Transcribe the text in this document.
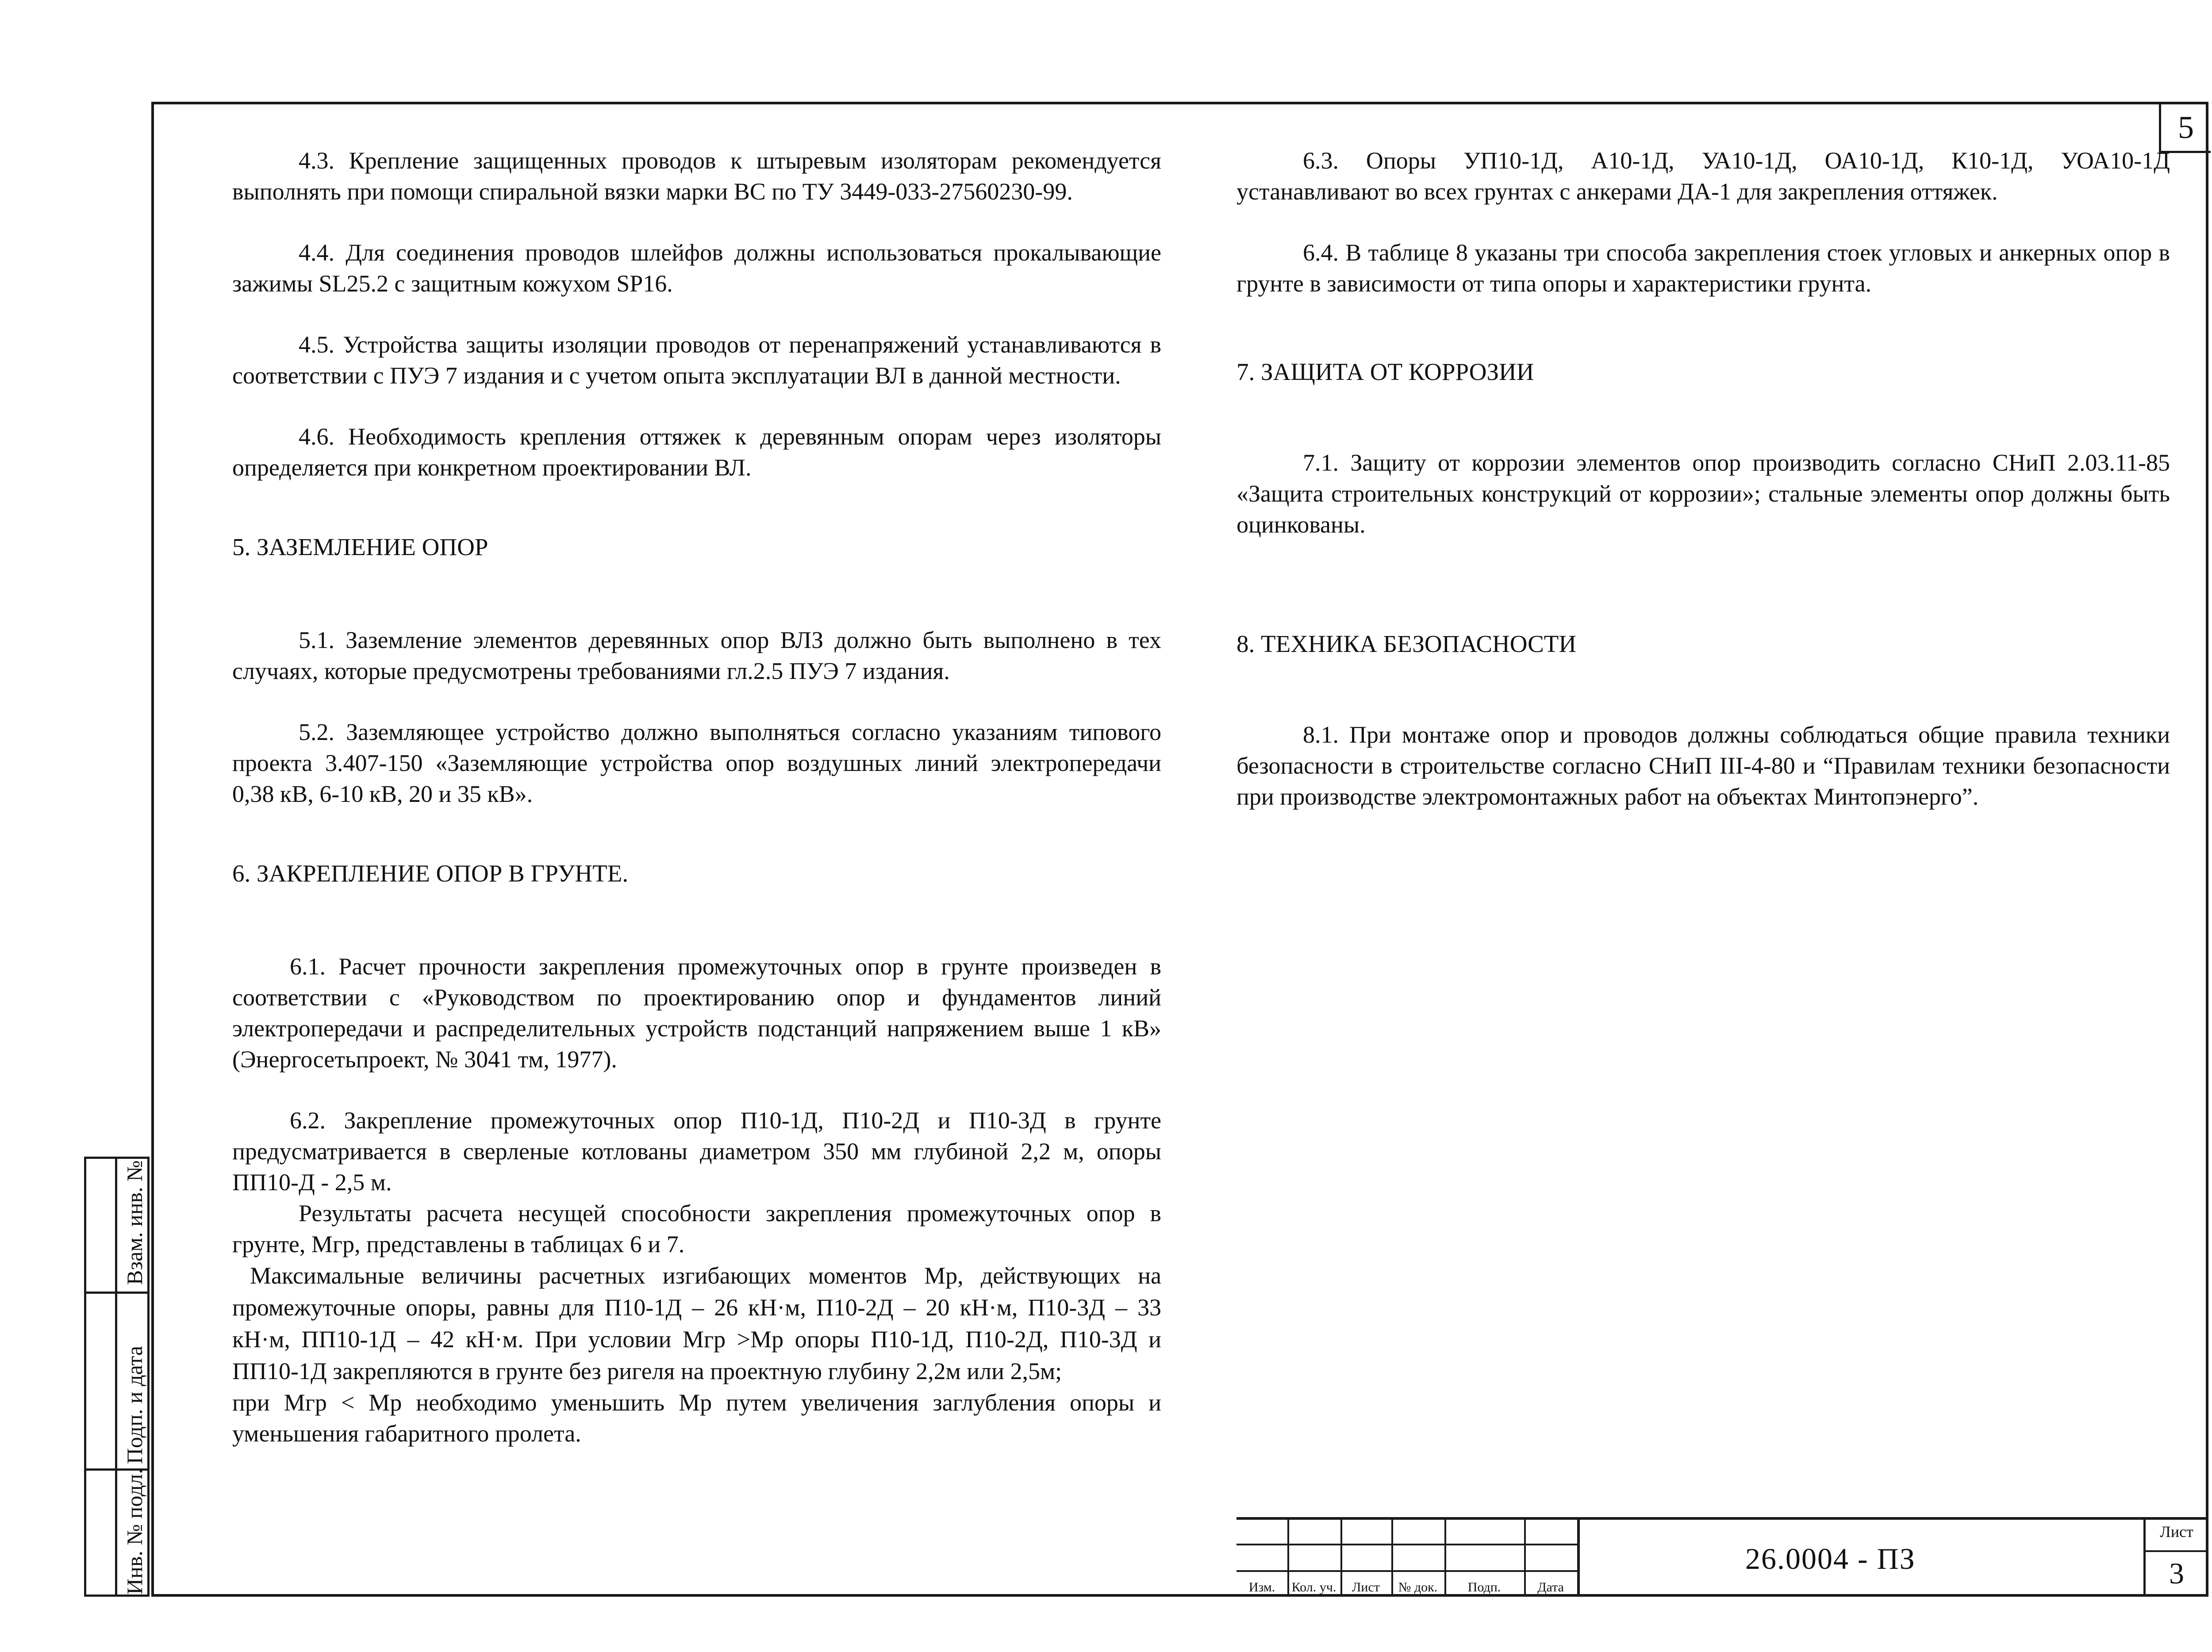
5

4.3. Крепление защищенных проводов к штыревым изоляторам рекомендуется выполнять при помощи спиральной вязки марки ВС по ТУ 3449-033-27560230-99.

4.4. Для соединения проводов шлейфов должны использоваться прокалывающие зажимы SL25.2 с защитным кожухом SP16.

4.5. Устройства защиты изоляции проводов от перенапряжений устанавливаются в соответствии с ПУЭ 7 издания и с учетом опыта эксплуатации ВЛ в данной местности.

4.6. Необходимость крепления оттяжек к деревянным опорам через изоляторы определяется при конкретном проектировании ВЛ.

5. ЗАЗЕМЛЕНИЕ ОПОР

5.1. Заземление элементов деревянных опор ВЛЗ должно быть выполнено в тех случаях, которые предусмотрены требованиями гл.2.5 ПУЭ 7 издания.

5.2. Заземляющее устройство должно выполняться согласно указаниям типового проекта 3.407-150 «Заземляющие устройства опор воздушных линий электропередачи 0,38 кВ, 6-10 кВ, 20 и 35 кВ».

6. ЗАКРЕПЛЕНИЕ ОПОР В ГРУНТЕ.

6.1. Расчет прочности закрепления промежуточных опор в грунте произведен в соответствии с «Руководством по проектированию опор и фундаментов линий электропередачи и распределительных устройств подстанций напряжением выше 1 кВ» (Энергосетьпроект, № 3041 тм, 1977).

6.2. Закрепление промежуточных опор П10-1Д, П10-2Д и П10-3Д в грунте предусматривается в сверленые котлованы диаметром 350 мм глубиной 2,2 м, опоры ПП10-Д - 2,5 м.

Результаты расчета несущей способности закрепления промежуточных опор в грунте, Мгр, представлены в таблицах 6 и 7.

Максимальные величины расчетных изгибающих моментов Мр, действующих на промежуточные опоры, равны для П10-1Д – 26 кН·м, П10-2Д – 20 кН·м, П10-3Д – 33 кН·м, ПП10-1Д – 42 кН·м. При условии Мгр >Мр опоры П10-1Д, П10-2Д, П10-3Д и ПП10-1Д закрепляются в грунте без ригеля на проектную глубину 2,2м или 2,5м;

при Мгр < Мр необходимо уменьшить Мр путем увеличения заглубления опоры и уменьшения габаритного пролета.

6.3. Опоры УП10-1Д, А10-1Д, УА10-1Д, ОА10-1Д, К10-1Д, УОА10-1Д устанавливают во всех грунтах с анкерами ДА-1 для закрепления оттяжек.

6.4. В таблице 8 указаны три способа закрепления стоек угловых и анкерных опор в грунте в зависимости от типа опоры и характеристики грунта.

7. ЗАЩИТА ОТ КОРРОЗИИ

7.1. Защиту от коррозии элементов опор производить согласно СНиП 2.03.11-85 «Защита строительных конструкций от коррозии»; стальные элементы опор должны быть оцинкованы.

8. ТЕХНИКА БЕЗОПАСНОСТИ

8.1. При монтаже опор и проводов должны соблюдаться общие правила техники безопасности в строительстве согласно СНиП III-4-80 и “Правилам техники безопасности при производстве электромонтажных работ на объектах Минтопэнерго”.

Взам. инв. №
Подп. и дата
Инв. № подл.	Изм.	Кол. уч.	Лист	№ док.	Подп.	Дата
26.0004 - ПЗ
Лист
3
